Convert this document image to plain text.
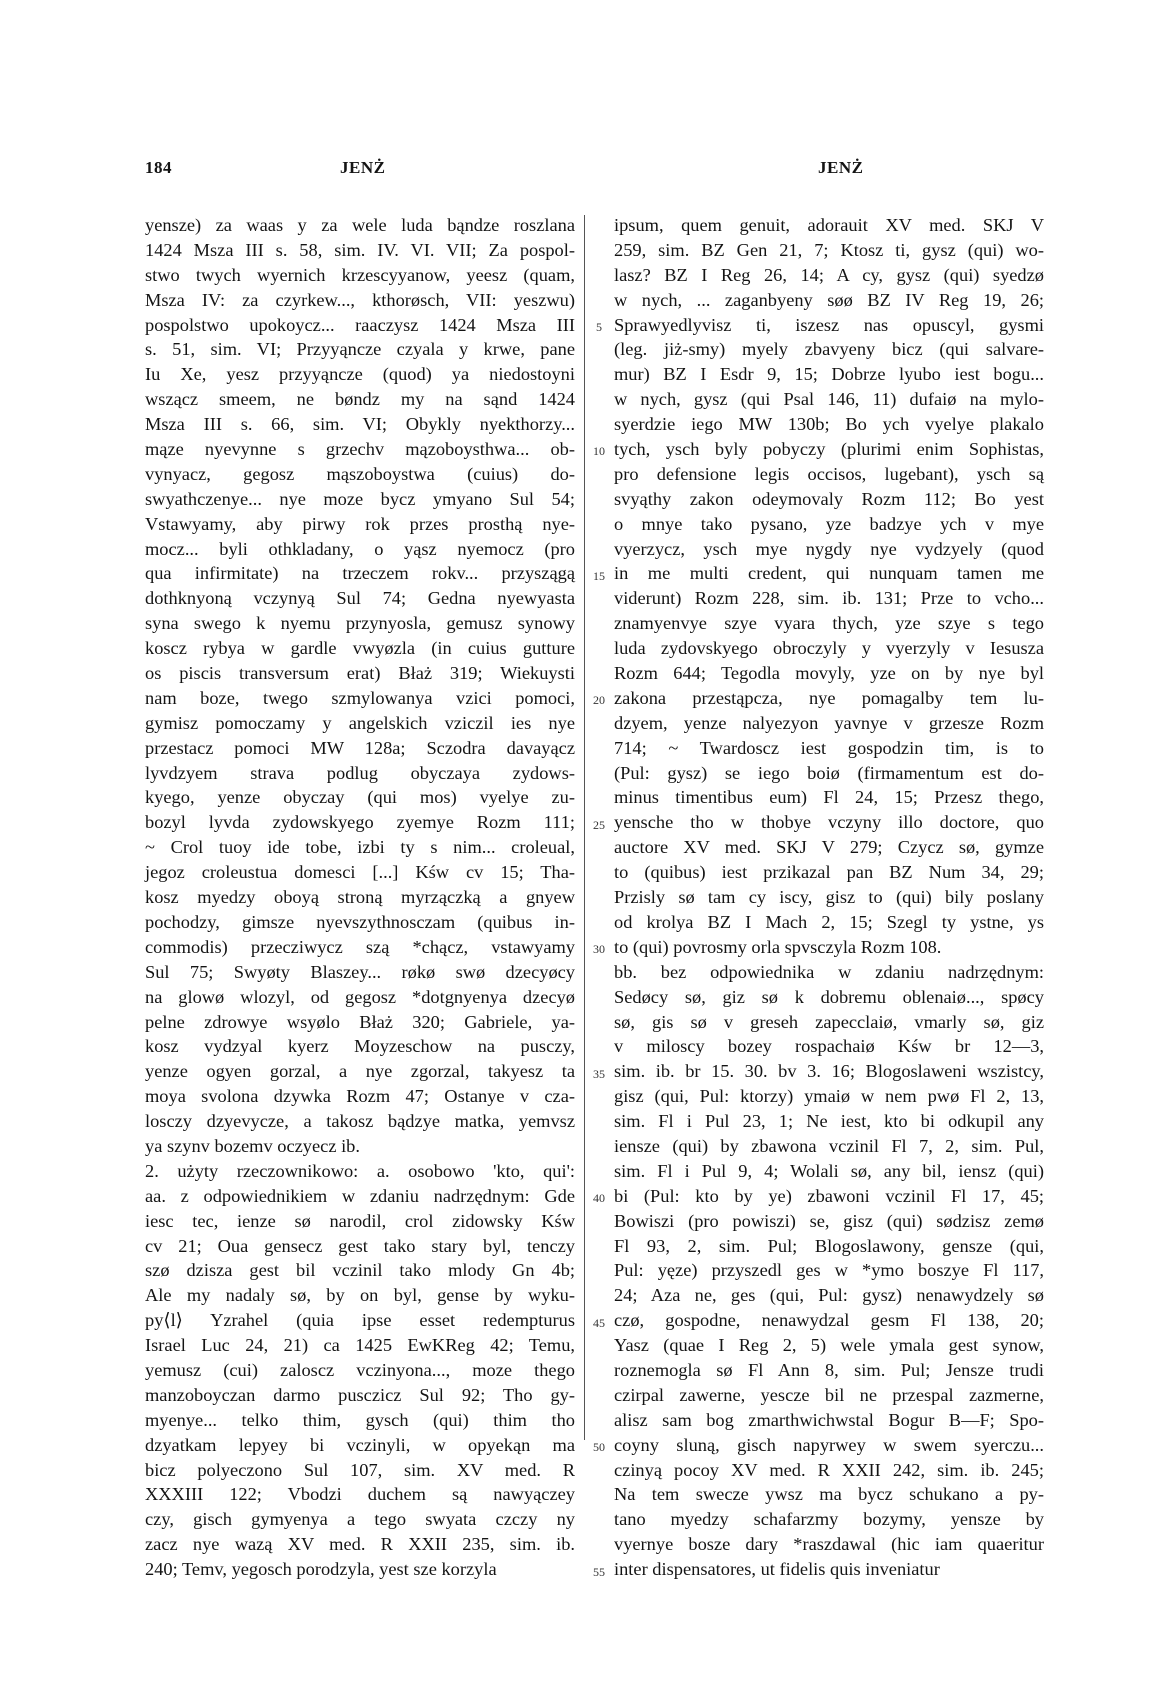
184	JENŻ	JENŻ
yensze) za waas y za wele luda bąndze roszlana
1424 Msza III s. 58, sim. IV. VI. VII; Za pospol-
stwo twych wyernich krzescyyanow, yeesz (quam,
Msza IV: za czyrkew..., kthorøsch, VII: yeszwu)
pospolstwo upokoycz... raaczysz 1424 Msza III
s. 51, sim. VI; Przyyąncze czyala y krwe, pane
Iu Xe, yesz przyyąncze (quod) ya niedostoyni
wszącz smeem, ne bøndz my na sąnd 1424
Msza III s. 66, sim. VI; Obykly nyekthorzy...
mąze nyevynne s grzechv mązoboysthwa... ob-
vynyacz, gegosz mąszoboystwa (cuius) do-
swyathczenye... nye moze bycz ymyano Sul 54;
Vstawyamy, aby pirwy rok przes prosthą nye-
mocz... byli othkladany, o yąsz nyemocz (pro
qua infirmitate) na trzeczem rokv... przyszągą
dothknyoną vczynyą Sul 74; Gedna nyewyasta
syna swego k nyemu przynyosla, gemusz synowy
koscz rybya w gardle vwyøzla (in cuius gutture
os piscis transversum erat) Błaż 319; Wiekuysti
nam boze, twego szmylowanya vzici pomoci,
gymisz pomoczamy y angelskich vziczil ies nye
przestacz pomoci MW 128a; Sczodra davayącz
lyvdzyem strava podlug obyczaya zydows-
kyego, yenze obyczay (qui mos) vyelye zu-
bozyl lyvda zydowskyego zyemye Rozm 111;
~ Crol tuoy ide tobe, izbi ty s nim... croleual,
jegoz croleustua domesci [...] Kśw cv 15; Tha-
kosz myedzy oboyą stroną myrzączką a gnyew
pochodzy, gimsze nyevszythnosczam (quibus in-
commodis) przecziwycz szą *chącz, vstawyamy
Sul 75; Swyøty Blaszey... røkø swø dzecyøcy
na glowø wlozyl, od gegosz *dotgnyenya dzecyø
pelne zdrowye wsyølo Błaż 320; Gabriele, ya-
kosz vydzyal kyerz Moyzeschow na pusczy,
yenze ogyen gorzal, a nye zgorzal, takyesz ta
moya svolona dzywka Rozm 47; Ostanye v cza-
losczy dzyevycze, a takosz bądzye matka, yemvsz
ya szynv bozemv oczyecz ib.
2. użyty rzeczownikowo: a. osobowo 'kto, qui':
aa. z odpowiednikiem w zdaniu nadrzędnym: Gde
iesc tec, ienze sø narodil, crol zidowsky Kśw
cv 21; Oua gensecz gest tako stary byl, tenczy
szø dzisza gest bil vczinil tako mlody Gn 4b;
Ale my nadaly sø, by on byl, gense by wyku-
py⟨l⟩ Yzrahel (quia ipse esset redempturus
Israel Luc 24, 21) ca 1425 EwKReg 42; Temu,
yemusz (cui) zaloscz vczinyona..., moze thego
manzoboyczan darmo pusczicz Sul 92; Tho gy-
myenye... telko thim, gysch (qui) thim tho
dzyatkam lepyey bi vczinyli, w opyekąn ma
bicz polyeczono Sul 107, sim. XV med. R
XXXIII 122; Vbodzi duchem są nawyączey
czy, gisch gymyenya a tego swyata czczy ny
zacz nye wazą XV med. R XXII 235, sim. ib.
240; Temv, yegosch porodzyla, yest sze korzyla
5
10
15
20
25
30
35
40
45
50
55
ipsum, quem genuit, adorauit XV med. SKJ V
259, sim. BZ Gen 21, 7; Ktosz ti, gysz (qui) wo-
lasz? BZ I Reg 26, 14; A cy, gysz (qui) syedzø
w nych, ... zaganbyeny søø BZ IV Reg 19, 26;
Sprawyedlyvisz ti, iszesz nas opuscyl, gysmi
(leg. jiż-smy) myely zbavyeny bicz (qui salvare-
mur) BZ I Esdr 9, 15; Dobrze lyubo iest bogu...
w nych, gysz (qui Psal 146, 11) dufaiø na mylo-
syerdzie iego MW 130b; Bo ych vyelye plakalo
tych, ysch byly pobyczy (plurimi enim Sophistas,
pro defensione legis occisos, lugebant), ysch są
svyąthy zakon odeymovaly Rozm 112; Bo yest
o mnye tako pysano, yze badzye ych v mye
vyerzycz, ysch mye nygdy nye vydzyely (quod
in me multi credent, qui nunquam tamen me
viderunt) Rozm 228, sim. ib. 131; Prze to vcho...
znamyenvye szye vyara thych, yze szye s tego
luda zydovskyego obroczyly y vyerzyly v Iesusza
Rozm 644; Tegodla movyly, yze on by nye byl
zakona przestąpcza, nye pomagalby tem lu-
dzyem, yenze nalyezyon yavnye v grzesze Rozm
714; ~ Twardoscz iest gospodzin tim, is to
(Pul: gysz) se iego boiø (firmamentum est do-
minus timentibus eum) Fl 24, 15; Przesz thego,
yensche tho w thobye vczyny illo doctore, quo
auctore XV med. SKJ V 279; Czycz sø, gymze
to (quibus) iest przikazal pan BZ Num 34, 29;
Przisly sø tam cy iscy, gisz to (qui) bily poslany
od krolya BZ I Mach 2, 15; Szegl ty ystne, ys
to (qui) povrosmy orla spvsczyla Rozm 108.
bb. bez odpowiednika w zdaniu nadrzędnym:
Sedøcy sø, giz sø k dobremu oblenaiø..., spøcy
sø, gis sø v greseh zapecclaiø, vmarly sø, giz
v miloscy bozey rospachaiø Kśw br 12—3,
sim. ib. br 15. 30. bv 3. 16; Blogoslaweni wszistcy,
gisz (qui, Pul: ktorzy) ymaiø w nem pwø Fl 2, 13,
sim. Fl i Pul 23, 1; Ne iest, kto bi odkupil any
iensze (qui) by zbawona vczinil Fl 7, 2, sim. Pul,
sim. Fl i Pul 9, 4; Wolali sø, any bil, iensz (qui)
bi (Pul: kto by ye) zbawoni vczinil Fl 17, 45;
Bowiszi (pro powiszi) se, gisz (qui) sødzisz zemø
Fl 93, 2, sim. Pul; Blogoslawony, gensze (qui,
Pul: yęze) przyszedl ges w *ymo boszye Fl 117,
24; Aza ne, ges (qui, Pul: gysz) nenawydzely sø
czø, gospodne, nenawydzal gesm Fl 138, 20;
Yasz (quae I Reg 2, 5) wele ymala gest synow,
roznemogla sø Fl Ann 8, sim. Pul; Jensze trudi
czirpal zawerne, yescze bil ne przespal zazmerne,
alisz sam bog zmarthwichwstal Bogur B—F; Spo-
coyny sluną, gisch napyrwey w swem syerczu...
czinyą pocoy XV med. R XXII 242, sim. ib. 245;
Na tem swecze ywsz ma bycz schukano a py-
tano myedzy schafarzmy bozymy, yensze by
vyernye bosze dary *raszdawal (hic iam quaeritur
inter dispensatores, ut fidelis quis inveniatur
